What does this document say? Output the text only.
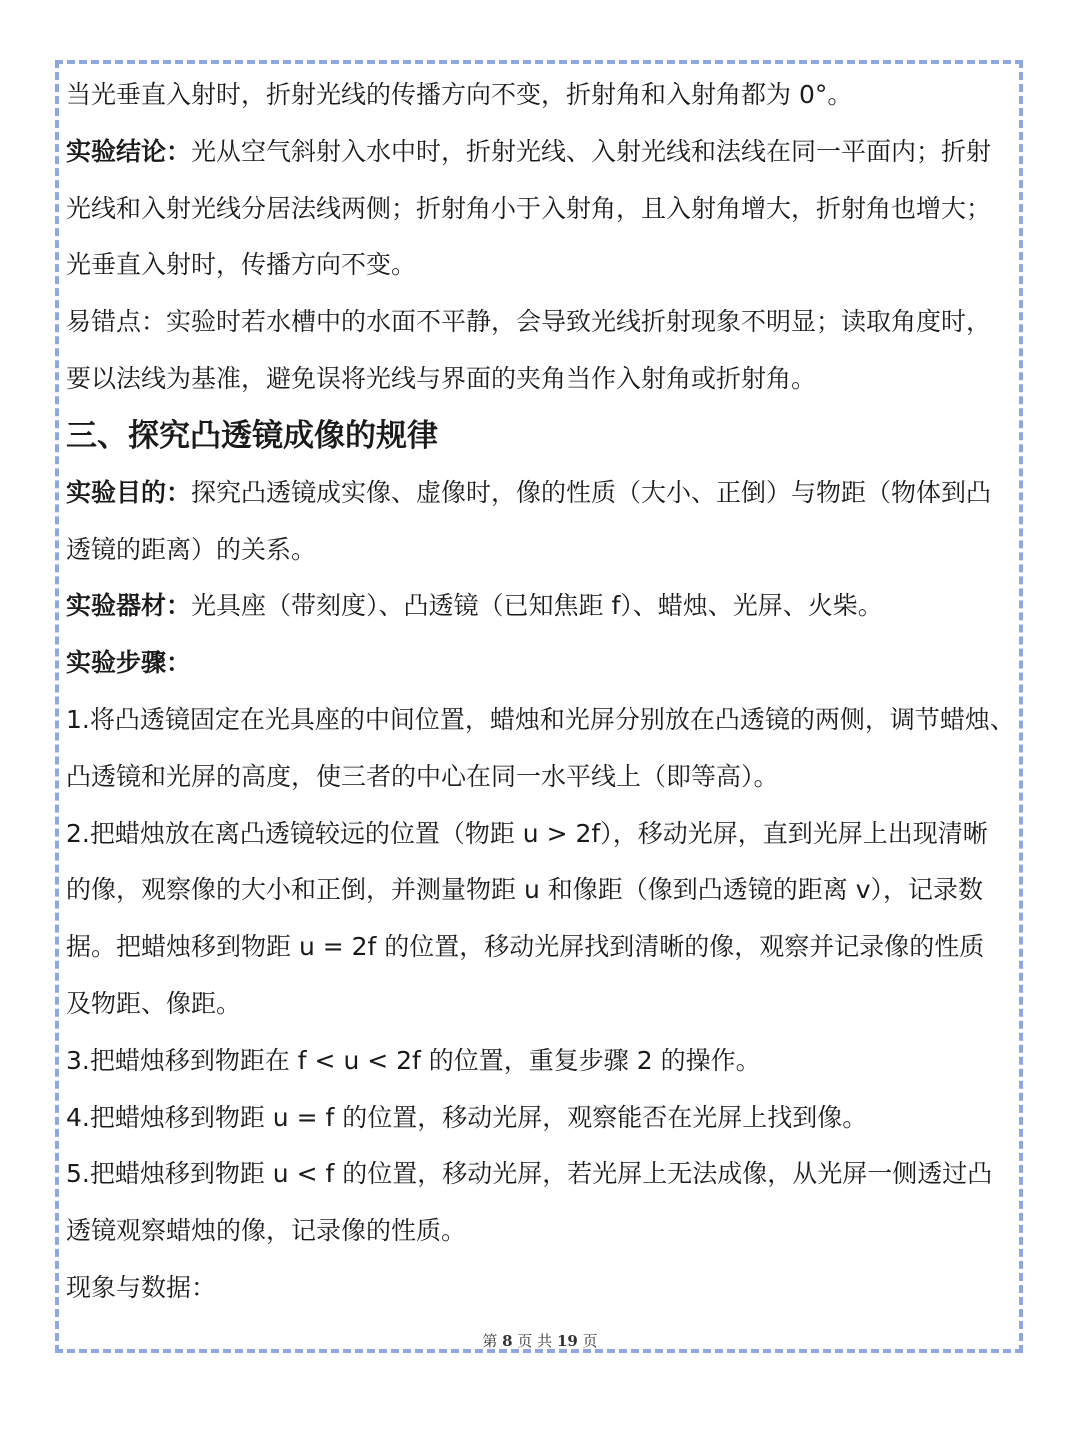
当光垂直入射时，折射光线的传播方向不变，折射角和入射角都为 0°。
实验结论：光从空气斜射入水中时，折射光线、入射光线和法线在同一平面内；折射
光线和入射光线分居法线两侧；折射角小于入射角，且入射角增大，折射角也增大；
光垂直入射时，传播方向不变。
易错点：实验时若水槽中的水面不平静，会导致光线折射现象不明显；读取角度时，
要以法线为基准，避免误将光线与界面的夹角当作入射角或折射角。
三、探究凸透镜成像的规律
实验目的：探究凸透镜成实像、虚像时，像的性质（大小、正倒）与物距（物体到凸
透镜的距离）的关系。
实验器材：光具座（带刻度）、凸透镜（已知焦距 f）、蜡烛、光屏、火柴。
实验步骤：
1.将凸透镜固定在光具座的中间位置，蜡烛和光屏分别放在凸透镜的两侧，调节蜡烛、
凸透镜和光屏的高度，使三者的中心在同一水平线上（即等高）。
2.把蜡烛放在离凸透镜较远的位置（物距 u > 2f），移动光屏，直到光屏上出现清晰
的像，观察像的大小和正倒，并测量物距 u 和像距（像到凸透镜的距离 v），记录数
据。把蜡烛移到物距 u = 2f 的位置，移动光屏找到清晰的像，观察并记录像的性质
及物距、像距。
3.把蜡烛移到物距在 f < u < 2f 的位置，重复步骤 2 的操作。
4.把蜡烛移到物距 u = f 的位置，移动光屏，观察能否在光屏上找到像。
5.把蜡烛移到物距 u < f 的位置，移动光屏，若光屏上无法成像，从光屏一侧透过凸
透镜观察蜡烛的像，记录像的性质。
现象与数据：
第 8 页 共 19 页
